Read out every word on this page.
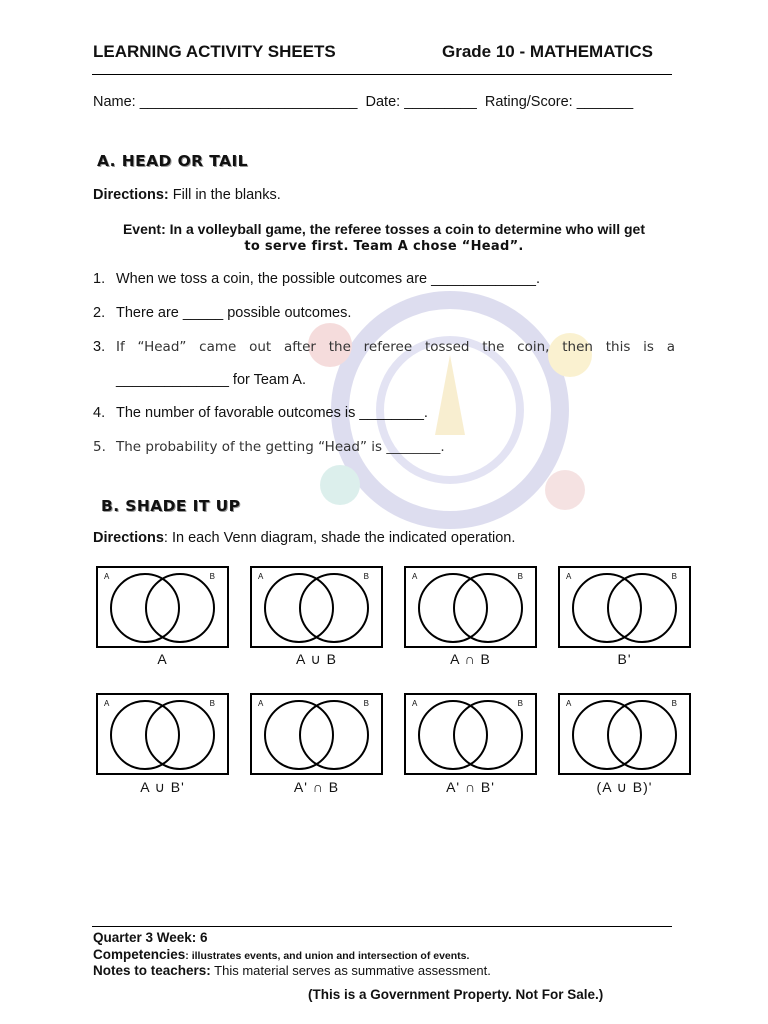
LEARNING ACTIVITY SHEETS	Grade 10 - MATHEMATICS
Name: ___________________________  Date: _________  Rating/Score: _______
A. HEAD OR TAIL
Directions: Fill in the blanks.
Event: In a volleyball game, the referee tosses a coin to determine who will get
to serve first. Team A chose “Head”.
1. When we toss a coin, the possible outcomes are _____________.
2. There are _____ possible outcomes.
3. If “Head” came out after the referee tossed the coin, then this is a
______________ for Team A.
4. The number of favorable outcomes is ________.
5. The probability of the getting “Head” is ________.
B. SHADE IT UP
Directions: In each Venn diagram, shade the indicated operation.
A	B
A
A	B
A ∪ B
A	B
A ∩ B
A	B
B'
A	B
A ∪ B'
A	B
A' ∩ B
A	B
A' ∩ B'
A	B
(A ∪ B)'
Quarter 3 Week: 6
Competencies: illustrates events, and union and intersection of events.
Notes to teachers: This material serves as summative assessment.
(This is a Government Property. Not For Sale.)
